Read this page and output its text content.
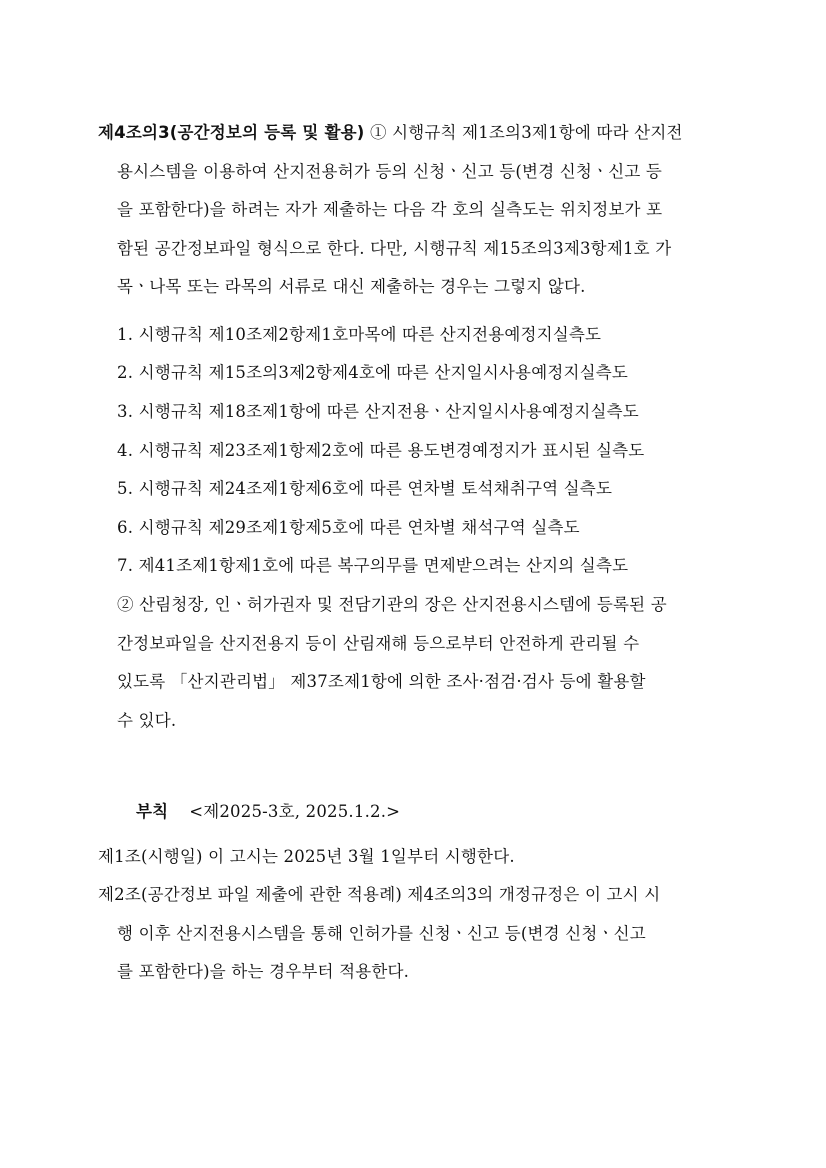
제4조의3(공간정보의 등록 및 활용) ① 시행규칙 제1조의3제1항에 따라 산지전
용시스템을 이용하여 산지전용허가 등의 신청ㆍ신고 등(변경 신청ㆍ신고 등
을 포함한다)을 하려는 자가 제출하는 다음 각 호의 실측도는 위치정보가 포
함된 공간정보파일 형식으로 한다. 다만, 시행규칙 제15조의3제3항제1호 가
목ㆍ나목 또는 라목의 서류로 대신 제출하는 경우는 그렇지 않다.
1. 시행규칙 제10조제2항제1호마목에 따른 산지전용예정지실측도
2. 시행규칙 제15조의3제2항제4호에 따른 산지일시사용예정지실측도
3. 시행규칙 제18조제1항에 따른 산지전용ㆍ산지일시사용예정지실측도
4. 시행규칙 제23조제1항제2호에 따른 용도변경예정지가 표시된 실측도
5. 시행규칙 제24조제1항제6호에 따른 연차별 토석채취구역 실측도
6. 시행규칙 제29조제1항제5호에 따른 연차별 채석구역 실측도
7. 제41조제1항제1호에 따른 복구의무를 면제받으려는 산지의 실측도
② 산림청장, 인ㆍ허가권자 및 전담기관의 장은 산지전용시스템에 등록된 공
간정보파일을 산지전용지 등이 산림재해 등으로부터 안전하게 관리될 수
있도록 「산지관리법」 제37조제1항에 의한 조사·점검·검사 등에 활용할
수 있다.
부칙 <제2025-3호, 2025.1.2.>
제1조(시행일) 이 고시는 2025년 3월 1일부터 시행한다.
제2조(공간정보 파일 제출에 관한 적용례) 제4조의3의 개정규정은 이 고시 시
행 이후 산지전용시스템을 통해 인허가를 신청ㆍ신고 등(변경 신청ㆍ신고
를 포함한다)을 하는 경우부터 적용한다.
